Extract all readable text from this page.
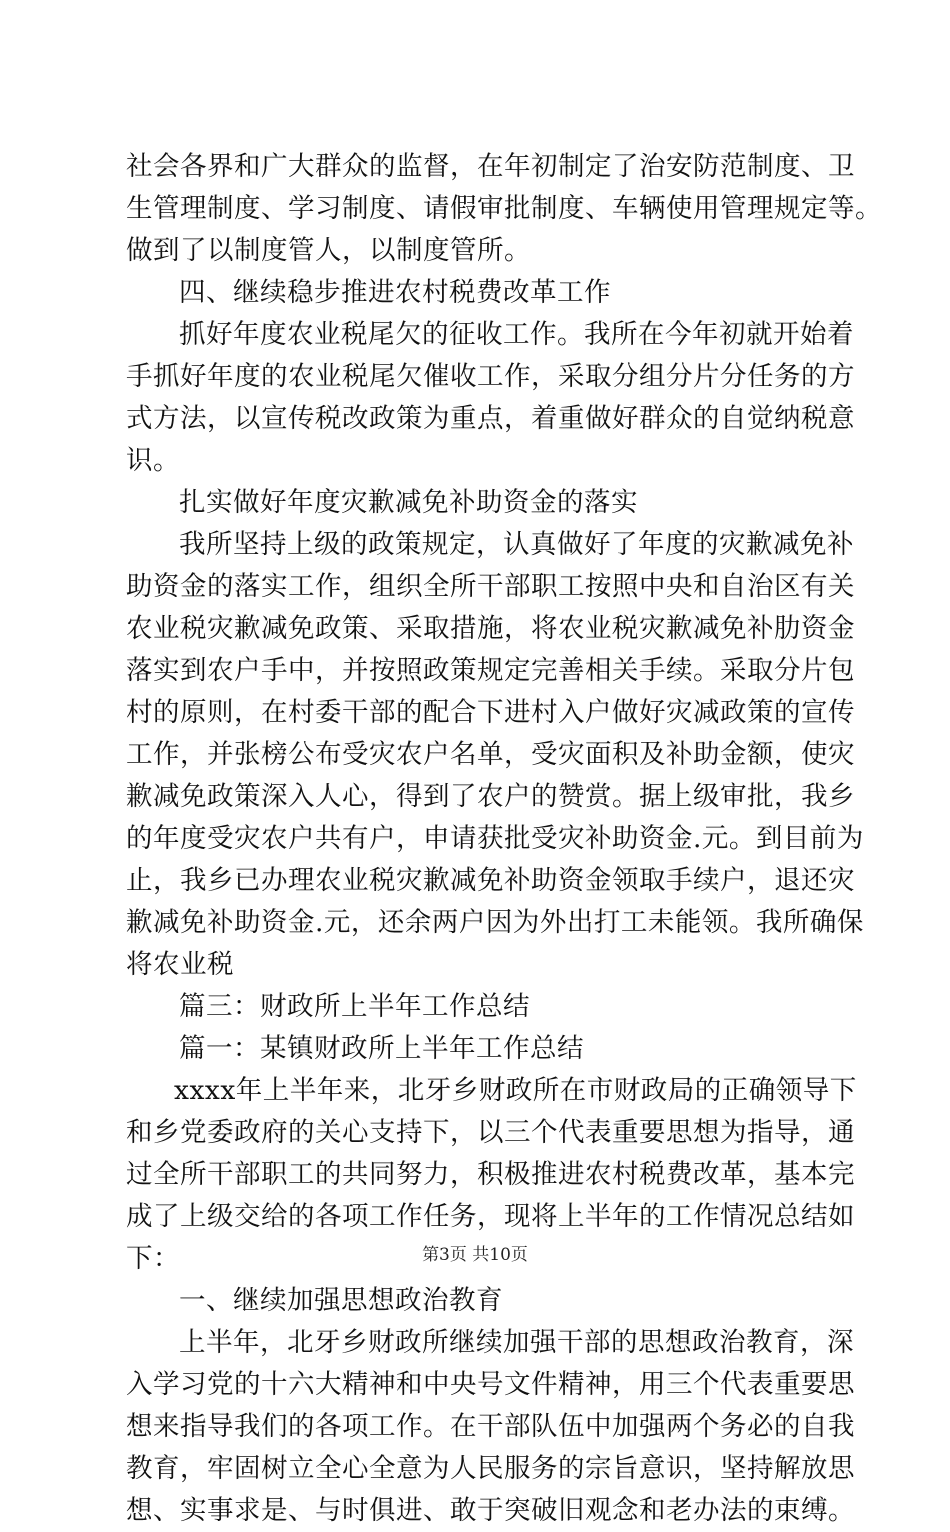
社会各界和广大群众的监督，在年初制定了治安防范制度、卫
生管理制度、学习制度、请假审批制度、车辆使用管理规定等。
做到了以制度管人，以制度管所。
四、继续稳步推进农村税费改革工作
抓好年度农业税尾欠的征收工作。我所在今年初就开始着
手抓好年度的农业税尾欠催收工作，采取分组分片分任务的方
式方法，以宣传税改政策为重点，着重做好群众的自觉纳税意
识。
扎实做好年度灾歉减免补助资金的落实
我所坚持上级的政策规定，认真做好了年度的灾歉减免补
助资金的落实工作，组织全所干部职工按照中央和自治区有关
农业税灾歉减免政策、采取措施，将农业税灾歉减免补肋资金
落实到农户手中，并按照政策规定完善相关手续。采取分片包
村的原则，在村委干部的配合下进村入户做好灾减政策的宣传
工作，并张榜公布受灾农户名单，受灾面积及补助金额，使灾
歉减免政策深入人心，得到了农户的赞赏。据上级审批，我乡
的年度受灾农户共有户，申请获批受灾补助资金.元。到目前为
止，我乡已办理农业税灾歉减免补助资金领取手续户，退还灾
歉减免补助资金.元，还余两户因为外出打工未能领。我所确保
将农业税
篇三：财政所上半年工作总结
篇一：某镇财政所上半年工作总结
xxxx年上半年来，北牙乡财政所在市财政局的正确领导下
和乡党委政府的关心支持下，以三个代表重要思想为指导，通
过全所干部职工的共同努力，积极推进农村税费改革，基本完
成了上级交给的各项工作任务，现将上半年的工作情况总结如
下：
一、继续加强思想政治教育
上半年，北牙乡财政所继续加强干部的思想政治教育，深
入学习党的十六大精神和中央号文件精神，用三个代表重要思
想来指导我们的各项工作。在干部队伍中加强两个务必的自我
教育，牢固树立全心全意为人民服务的宗旨意识，坚持解放思
想、实事求是、与时俱进、敢于突破旧观念和老办法的束缚。
第3页 共10页
